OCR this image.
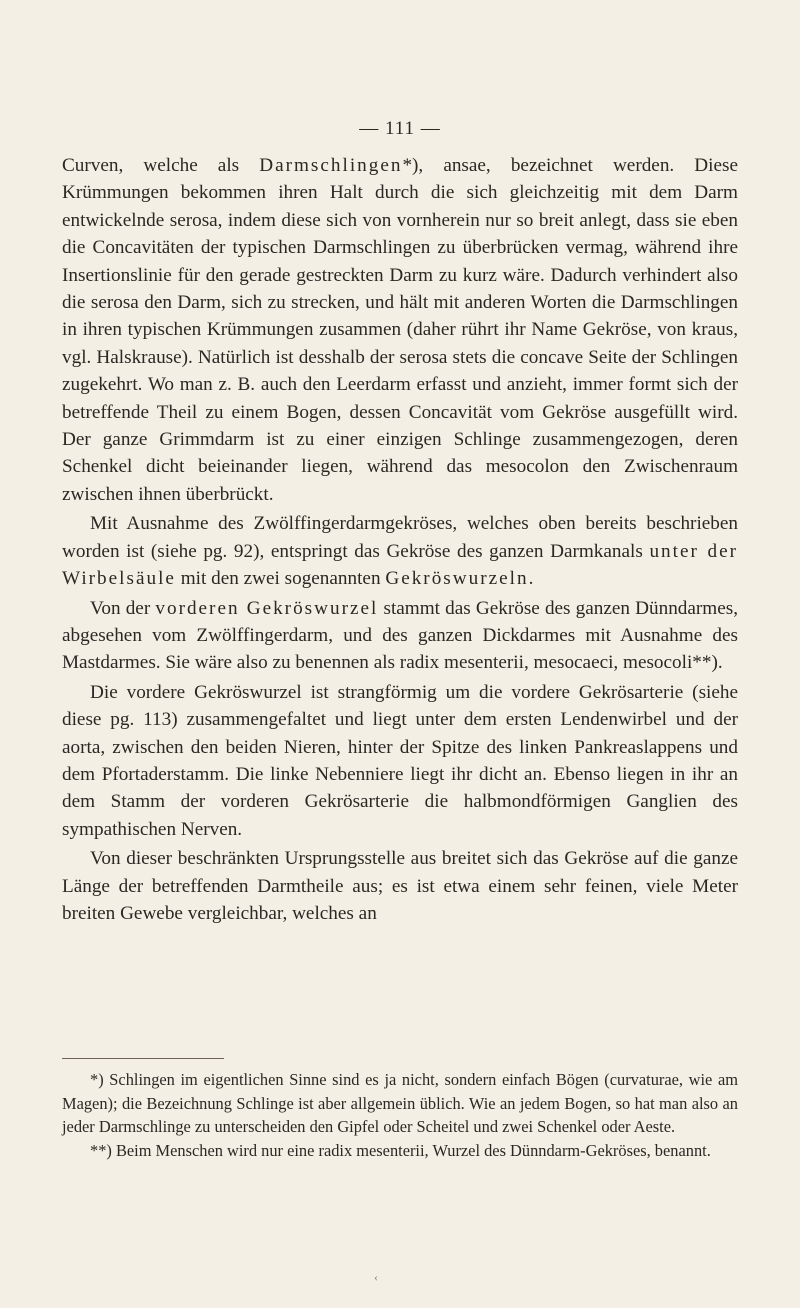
— 111 —

Curven, welche als Darmschlingen*), ansae, bezeichnet werden. Diese Krümmungen bekommen ihren Halt durch die sich gleichzeitig mit dem Darm entwickelnde serosa, indem diese sich von vornherein nur so breit anlegt, dass sie eben die Concavitäten der typischen Darmschlingen zu überbrücken vermag, während ihre Insertionslinie für den gerade gestreckten Darm zu kurz wäre. Dadurch verhindert also die serosa den Darm, sich zu strecken, und hält mit anderen Worten die Darmschlingen in ihren typischen Krümmungen zusammen (daher rührt ihr Name Gekröse, von kraus, vgl. Halskrause). Natürlich ist desshalb der serosa stets die concave Seite der Schlingen zugekehrt. Wo man z. B. auch den Leerdarm erfasst und anzieht, immer formt sich der betreffende Theil zu einem Bogen, dessen Concavität vom Gekröse ausgefüllt wird. Der ganze Grimmdarm ist zu einer einzigen Schlinge zusammengezogen, deren Schenkel dicht beieinander liegen, während das mesocolon den Zwischenraum zwischen ihnen überbrückt.

Mit Ausnahme des Zwölffingerdarmgekröses, welches oben bereits beschrieben worden ist (siehe pg. 92), entspringt das Gekröse des ganzen Darmkanals unter der Wirbelsäule mit den zwei sogenannten Gekröswurzeln.

Von der vorderen Gekröswurzel stammt das Gekröse des ganzen Dünndarmes, abgesehen vom Zwölffingerdarm, und des ganzen Dickdarmes mit Ausnahme des Mastdarmes. Sie wäre also zu benennen als radix mesenterii, mesocaeci, mesocoli**).

Die vordere Gekröswurzel ist strangförmig um die vordere Gekrösarterie (siehe diese pg. 113) zusammengefaltet und liegt unter dem ersten Lendenwirbel und der aorta, zwischen den beiden Nieren, hinter der Spitze des linken Pankreaslappens und dem Pfortaderstamm. Die linke Nebenniere liegt ihr dicht an. Ebenso liegen in ihr an dem Stamm der vorderen Gekrösarterie die halbmondförmigen Ganglien des sympathischen Nerven.

Von dieser beschränkten Ursprungsstelle aus breitet sich das Gekröse auf die ganze Länge der betreffenden Darmtheile aus; es ist etwa einem sehr feinen, viele Meter breiten Gewebe vergleichbar, welches an

*) Schlingen im eigentlichen Sinne sind es ja nicht, sondern einfach Bögen (curvaturae, wie am Magen); die Bezeichnung Schlinge ist aber allgemein üblich. Wie an jedem Bogen, so hat man also an jeder Darmschlinge zu unterscheiden den Gipfel oder Scheitel und zwei Schenkel oder Aeste.

**) Beim Menschen wird nur eine radix mesenterii, Wurzel des Dünndarm-Gekröses, benannt.

‹
